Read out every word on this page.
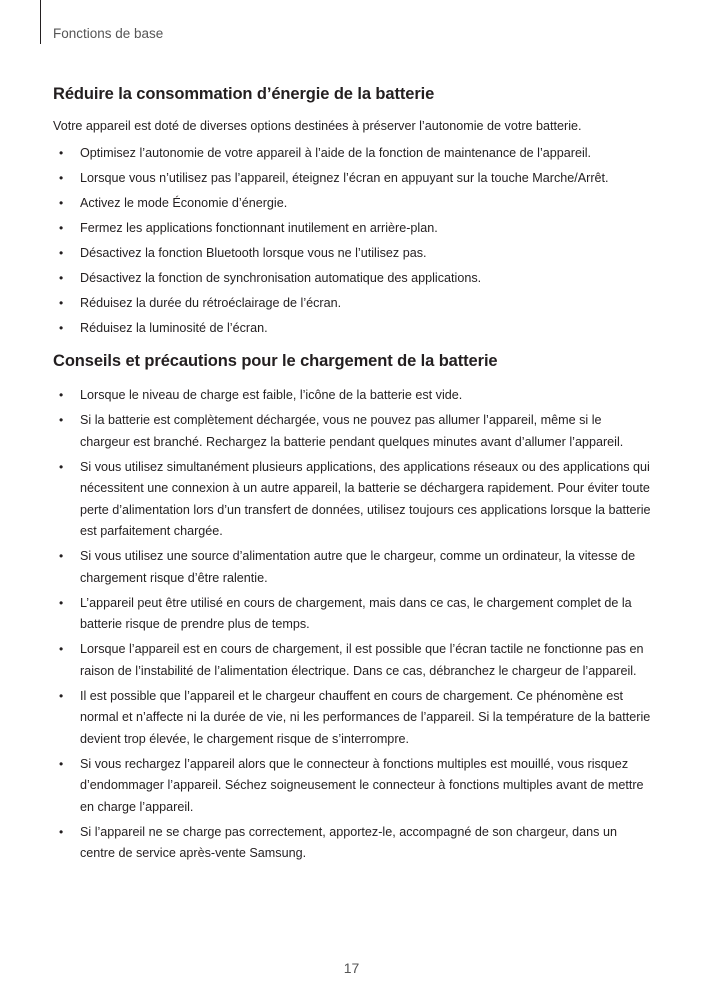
Fonctions de base
Réduire la consommation d’énergie de la batterie

Votre appareil est doté de diverses options destinées à préserver l’autonomie de votre batterie.

• Optimisez l’autonomie de votre appareil à l’aide de la fonction de maintenance de l’appareil.
• Lorsque vous n’utilisez pas l’appareil, éteignez l’écran en appuyant sur la touche Marche/Arrêt.
• Activez le mode Économie d’énergie.
• Fermez les applications fonctionnant inutilement en arrière-plan.
• Désactivez la fonction Bluetooth lorsque vous ne l’utilisez pas.
• Désactivez la fonction de synchronisation automatique des applications.
• Réduisez la durée du rétroéclairage de l’écran.
• Réduisez la luminosité de l’écran.
Conseils et précautions pour le chargement de la batterie
• Lorsque le niveau de charge est faible, l’icône de la batterie est vide.
• Si la batterie est complètement déchargée, vous ne pouvez pas allumer l’appareil, même si le chargeur est branché. Rechargez la batterie pendant quelques minutes avant d’allumer l’appareil.
• Si vous utilisez simultanément plusieurs applications, des applications réseaux ou des applications qui nécessitent une connexion à un autre appareil, la batterie se déchargera rapidement. Pour éviter toute perte d’alimentation lors d’un transfert de données, utilisez toujours ces applications lorsque la batterie est parfaitement chargée.
• Si vous utilisez une source d’alimentation autre que le chargeur, comme un ordinateur, la vitesse de chargement risque d’être ralentie.
• L’appareil peut être utilisé en cours de chargement, mais dans ce cas, le chargement complet de la batterie risque de prendre plus de temps.
• Lorsque l’appareil est en cours de chargement, il est possible que l’écran tactile ne fonctionne pas en raison de l’instabilité de l’alimentation électrique. Dans ce cas, débranchez le chargeur de l’appareil.
• Il est possible que l’appareil et le chargeur chauffent en cours de chargement. Ce phénomène est normal et n’affecte ni la durée de vie, ni les performances de l’appareil. Si la température de la batterie devient trop élevée, le chargement risque de s’interrompre.
• Si vous rechargez l’appareil alors que le connecteur à fonctions multiples est mouillé, vous risquez d’endommager l’appareil. Séchez soigneusement le connecteur à fonctions multiples avant de mettre en charge l’appareil.
• Si l’appareil ne se charge pas correctement, apportez-le, accompagné de son chargeur, dans un centre de service après-vente Samsung.
17
